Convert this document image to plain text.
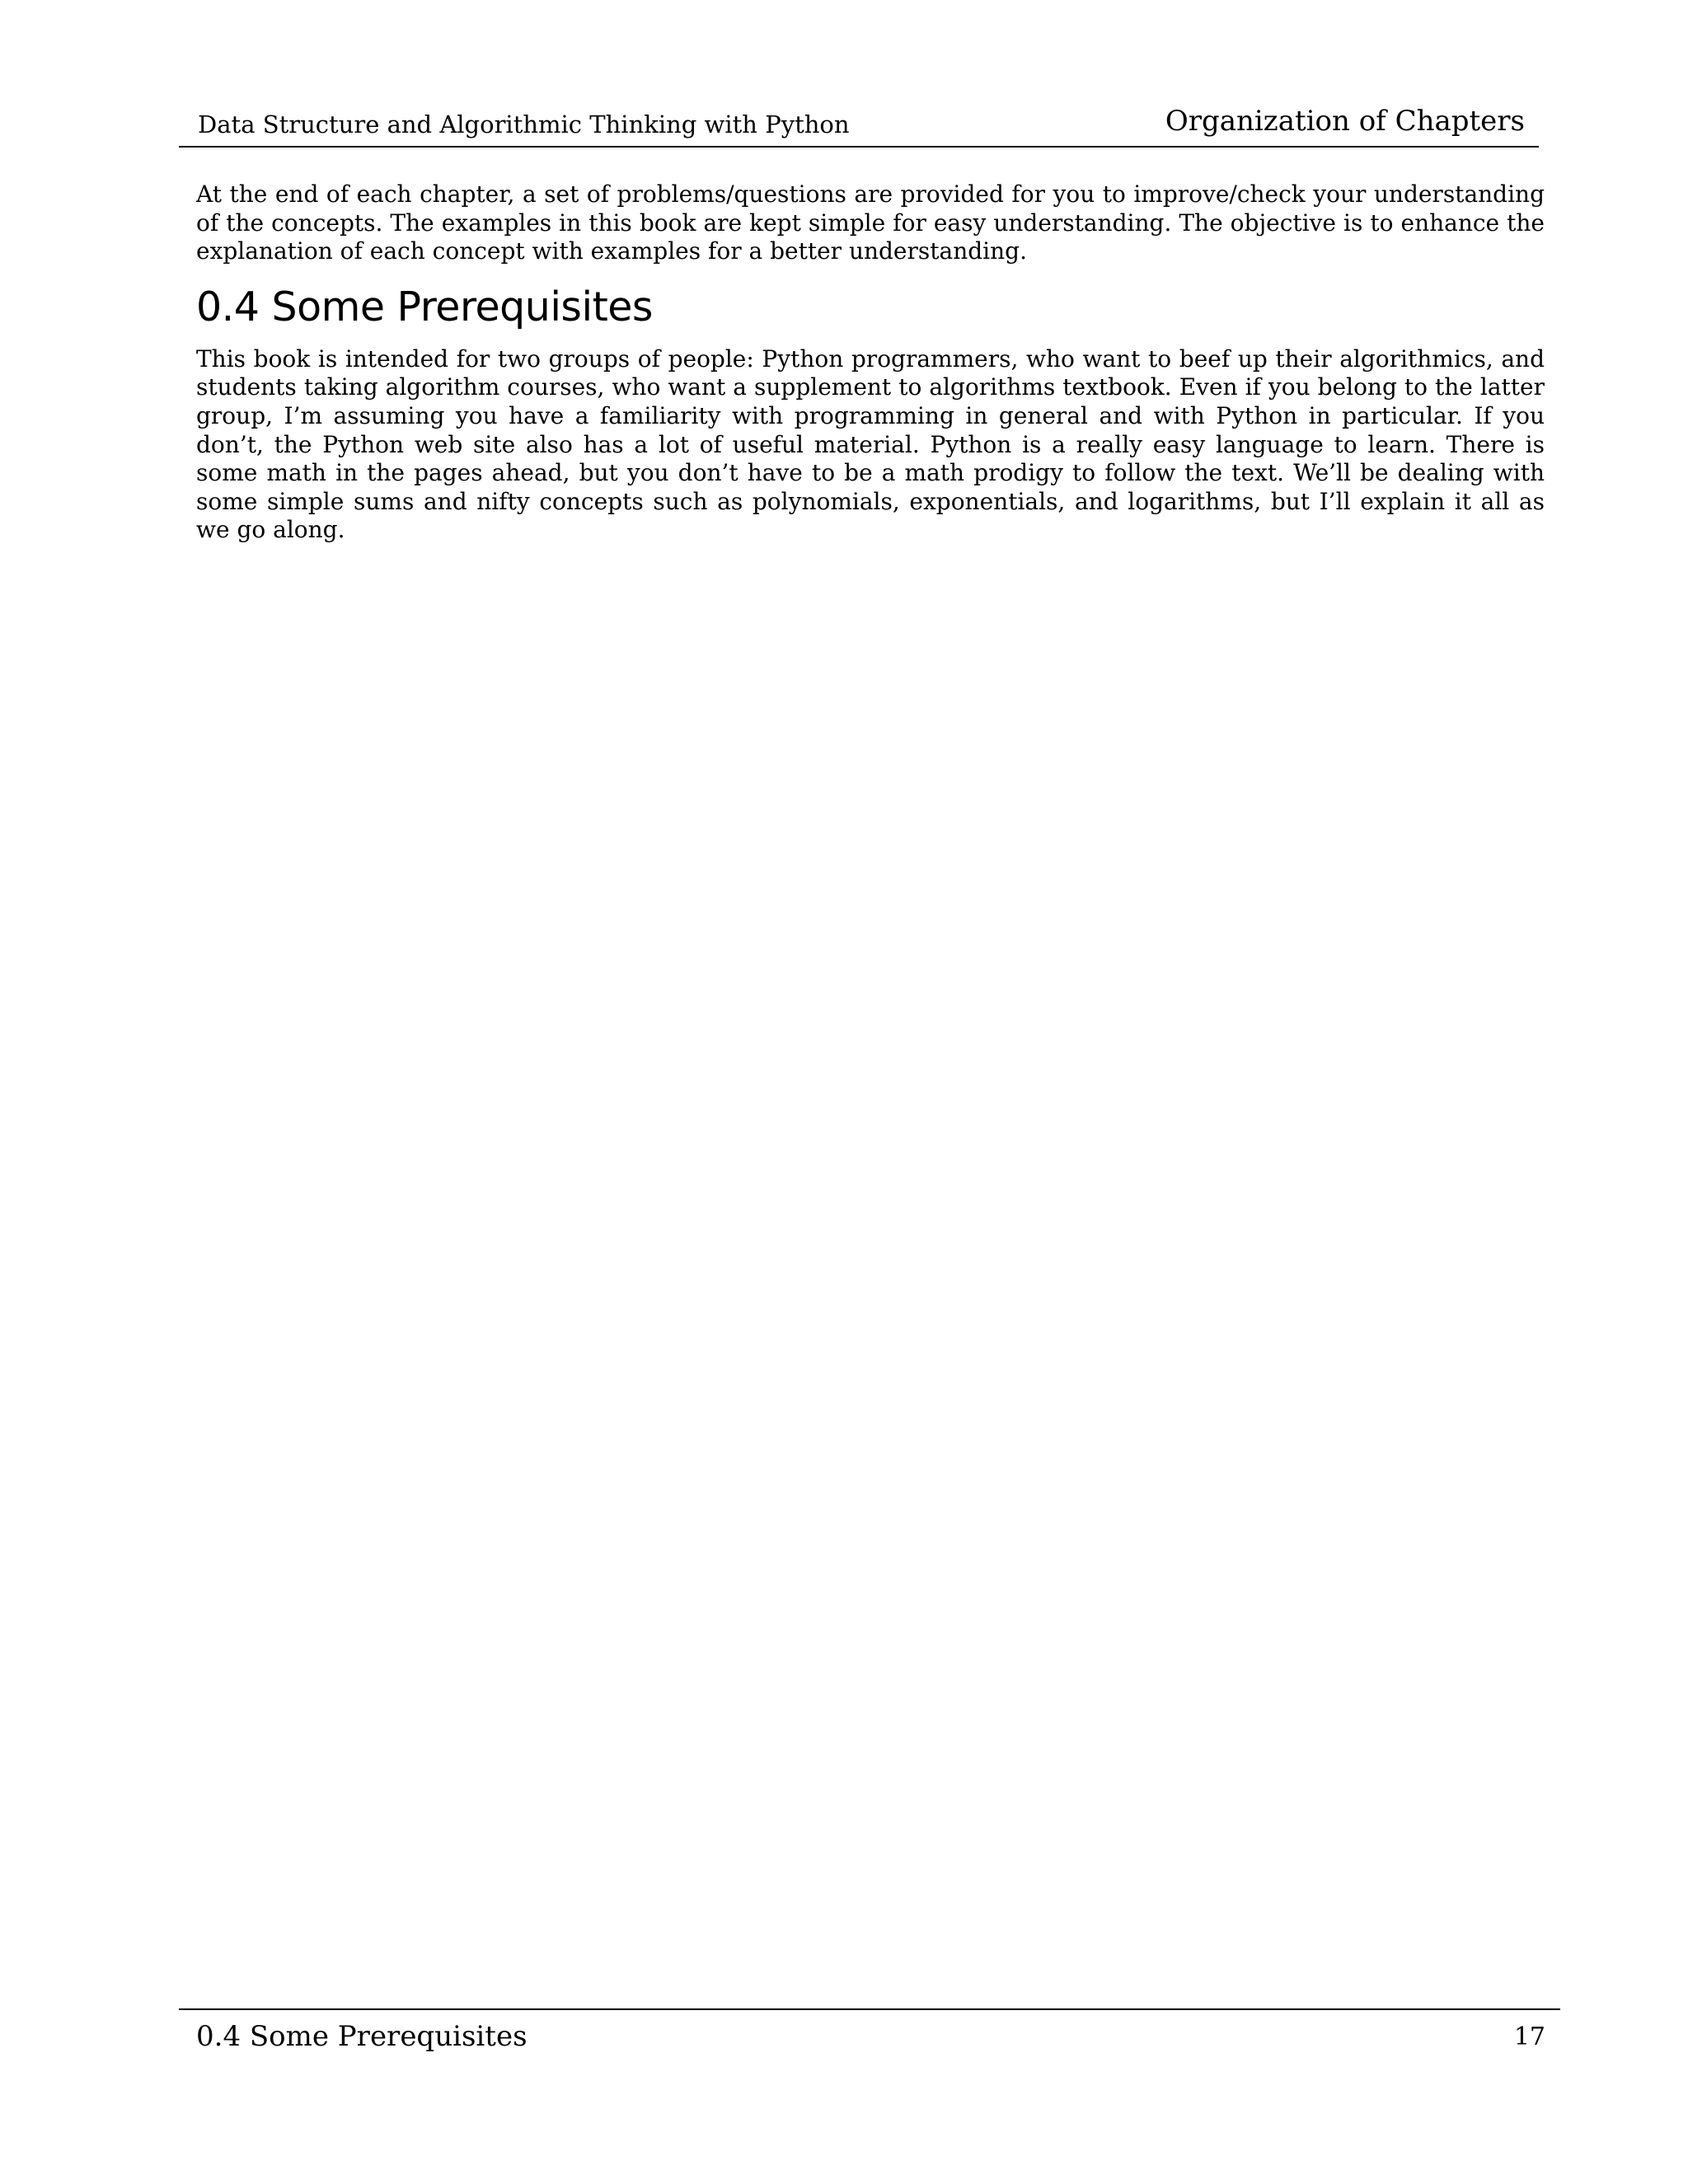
Data Structure and Algorithmic Thinking with Python	Organization of Chapters

At the end of each chapter, a set of problems/questions are provided for you to improve/check your understanding of the concepts. The examples in this book are kept simple for easy understanding. The objective is to enhance the explanation of each concept with examples for a better understanding.

0.4 Some Prerequisites

This book is intended for two groups of people: Python programmers, who want to beef up their algorithmics, and students taking algorithm courses, who want a supplement to algorithms textbook. Even if you belong to the latter group, I’m assuming you have a familiarity with programming in general and with Python in particular. If you don’t, the Python web site also has a lot of useful material. Python is a really easy language to learn. There is some math in the pages ahead, but you don’t have to be a math prodigy to follow the text. We’ll be dealing with some simple sums and nifty concepts such as polynomials, exponentials, and logarithms, but I’ll explain it all as we go along.

0.4 Some Prerequisites	17
